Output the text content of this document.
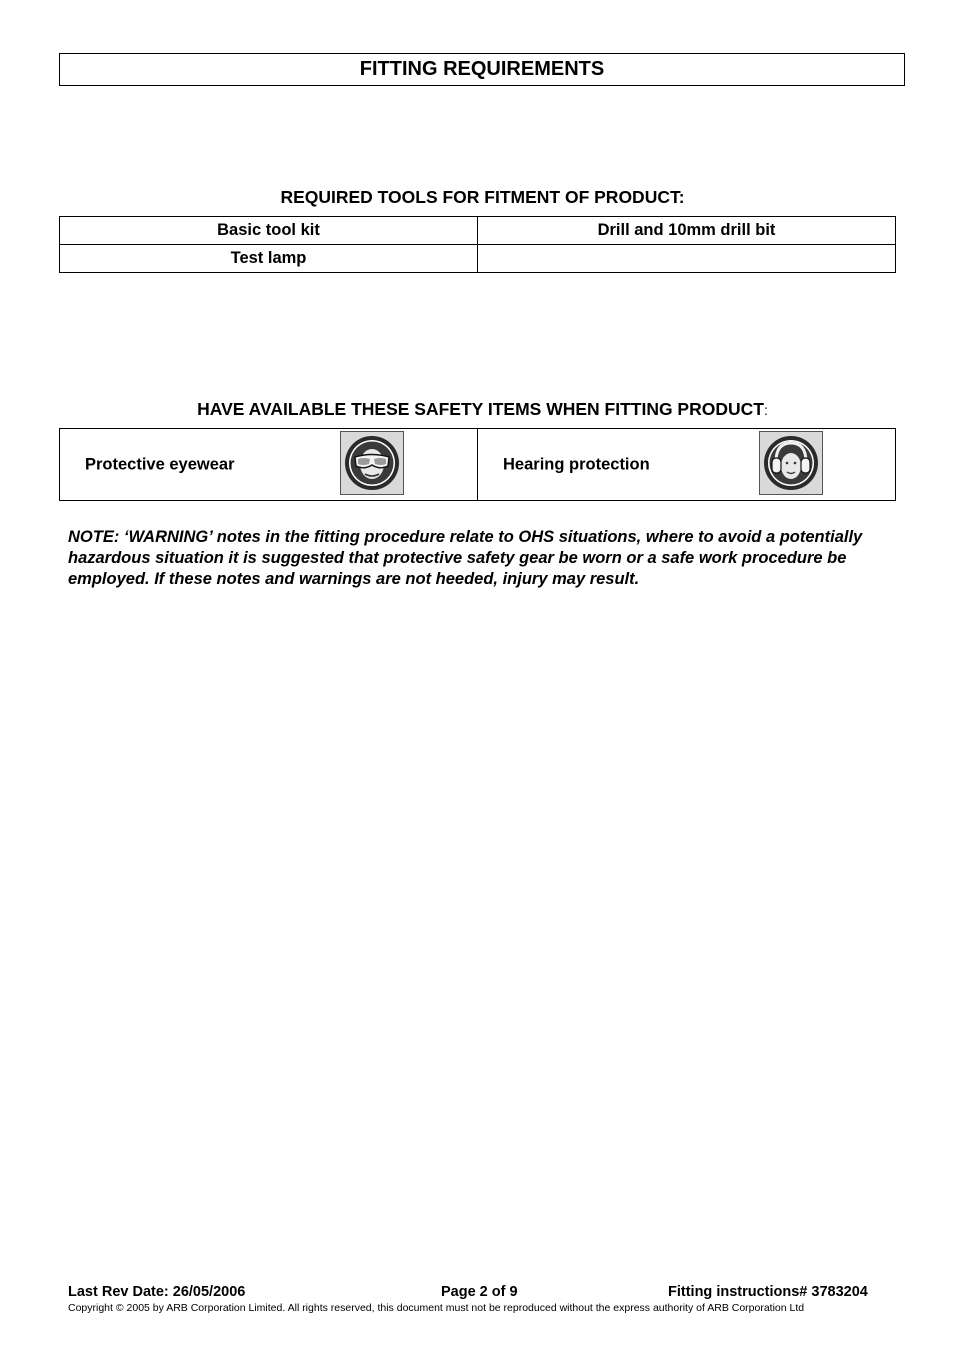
FITTING REQUIREMENTS
REQUIRED TOOLS FOR FITMENT OF PRODUCT:
Basic tool kit	Drill and 10mm drill bit
Test lamp	
HAVE AVAILABLE THESE SAFETY ITEMS WHEN FITTING PRODUCT:
Protective eyewear	Hearing protection
NOTE: ‘WARNING’ notes in the fitting procedure relate to OHS situations, where to avoid a potentially hazardous situation it is suggested that protective safety gear be worn or a safe work procedure be employed. If these notes and warnings are not heeded, injury may result.
Last Rev Date: 26/05/2006	Page 2 of 9	Fitting instructions# 3783204
Copyright © 2005 by ARB Corporation Limited. All rights reserved, this document must not be reproduced without the express authority of ARB Corporation Ltd
